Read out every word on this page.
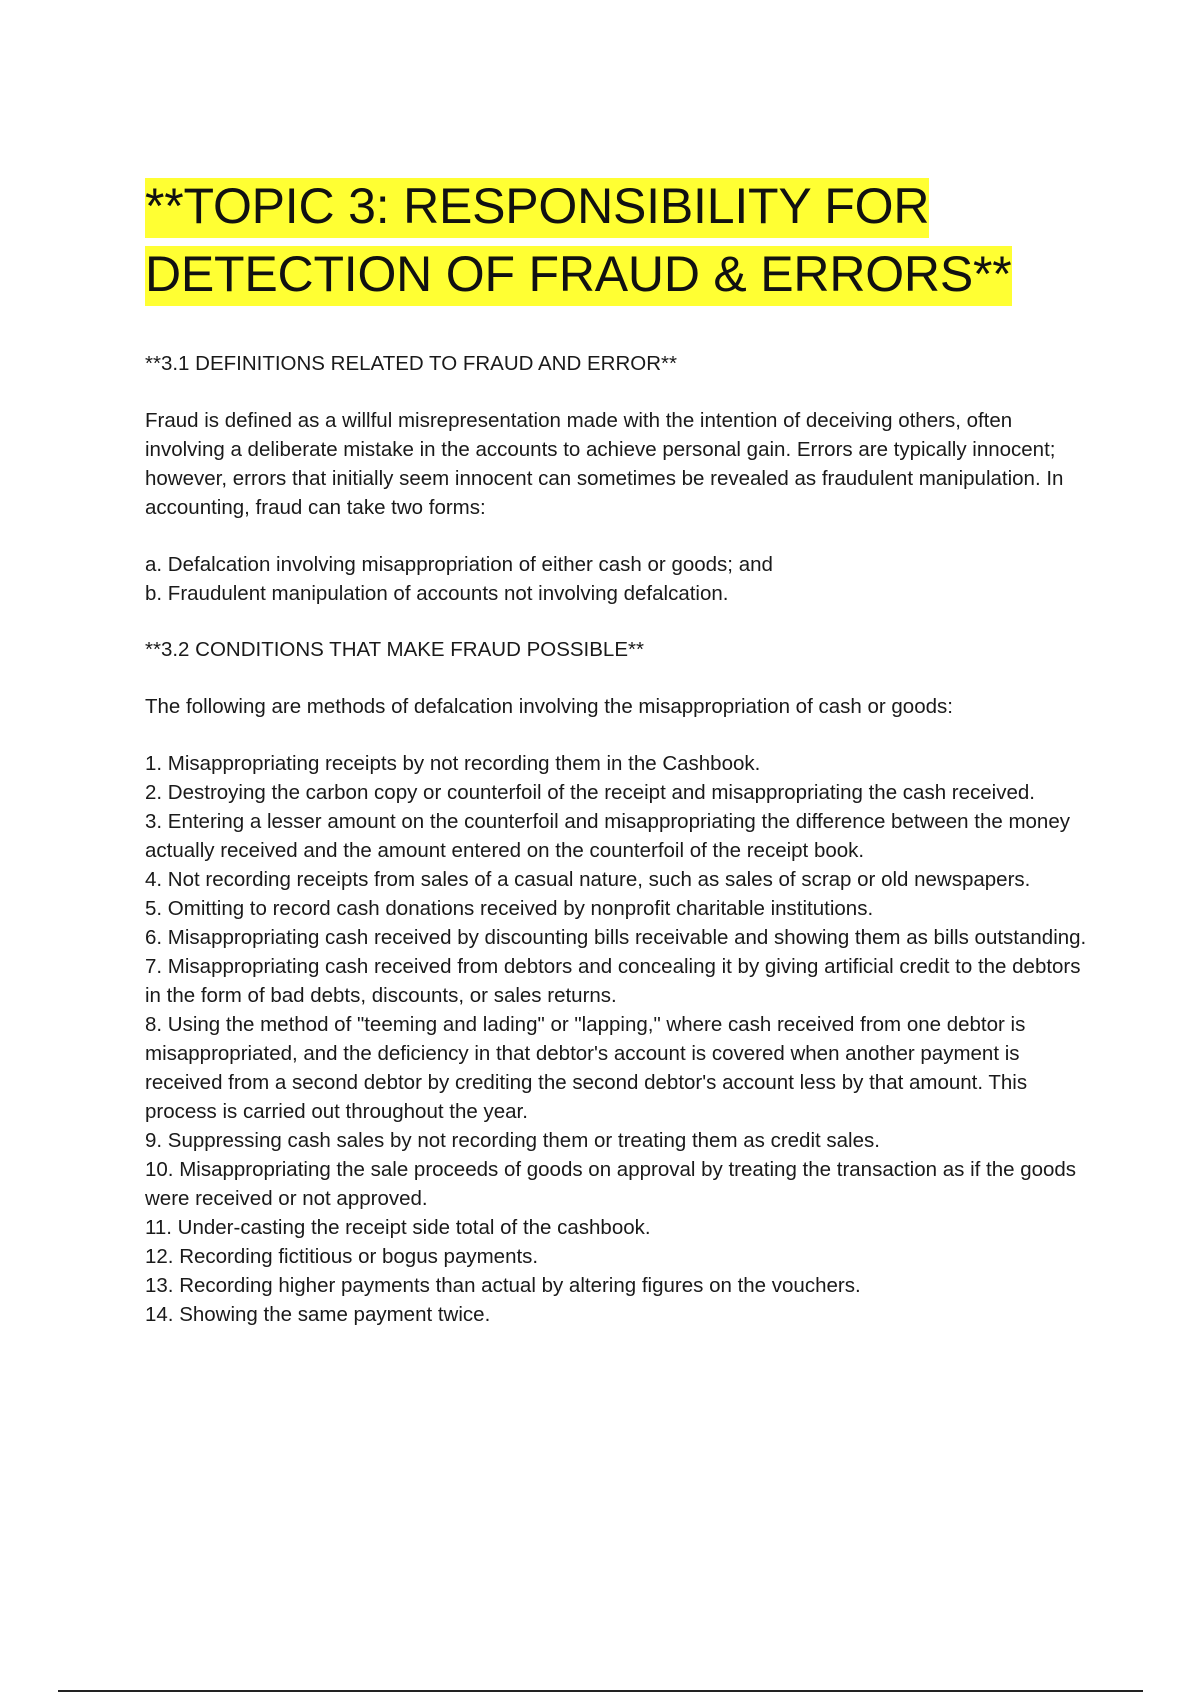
**TOPIC 3: RESPONSIBILITY FOR
DETECTION OF FRAUD & ERRORS**
**3.1 DEFINITIONS RELATED TO FRAUD AND ERROR**

Fraud is defined as a willful misrepresentation made with the intention of deceiving others, often involving a deliberate mistake in the accounts to achieve personal gain. Errors are typically innocent; however, errors that initially seem innocent can sometimes be revealed as fraudulent manipulation. In accounting, fraud can take two forms:

a. Defalcation involving misappropriation of either cash or goods; and
b. Fraudulent manipulation of accounts not involving defalcation.
**3.2 CONDITIONS THAT MAKE FRAUD POSSIBLE**

The following are methods of defalcation involving the misappropriation of cash or goods:

1. Misappropriating receipts by not recording them in the Cashbook.
2. Destroying the carbon copy or counterfoil of the receipt and misappropriating the cash received.
3. Entering a lesser amount on the counterfoil and misappropriating the difference between the money actually received and the amount entered on the counterfoil of the receipt book.
4. Not recording receipts from sales of a casual nature, such as sales of scrap or old newspapers.
5. Omitting to record cash donations received by nonprofit charitable institutions.
6. Misappropriating cash received by discounting bills receivable and showing them as bills outstanding.
7. Misappropriating cash received from debtors and concealing it by giving artificial credit to the debtors in the form of bad debts, discounts, or sales returns.
8. Using the method of "teeming and lading" or "lapping," where cash received from one debtor is misappropriated, and the deficiency in that debtor's account is covered when another payment is received from a second debtor by crediting the second debtor's account less by that amount. This process is carried out throughout the year.
9. Suppressing cash sales by not recording them or treating them as credit sales.
10. Misappropriating the sale proceeds of goods on approval by treating the transaction as if the goods were received or not approved.
11. Under-casting the receipt side total of the cashbook.
12. Recording fictitious or bogus payments.
13. Recording higher payments than actual by altering figures on the vouchers.
14. Showing the same payment twice.
